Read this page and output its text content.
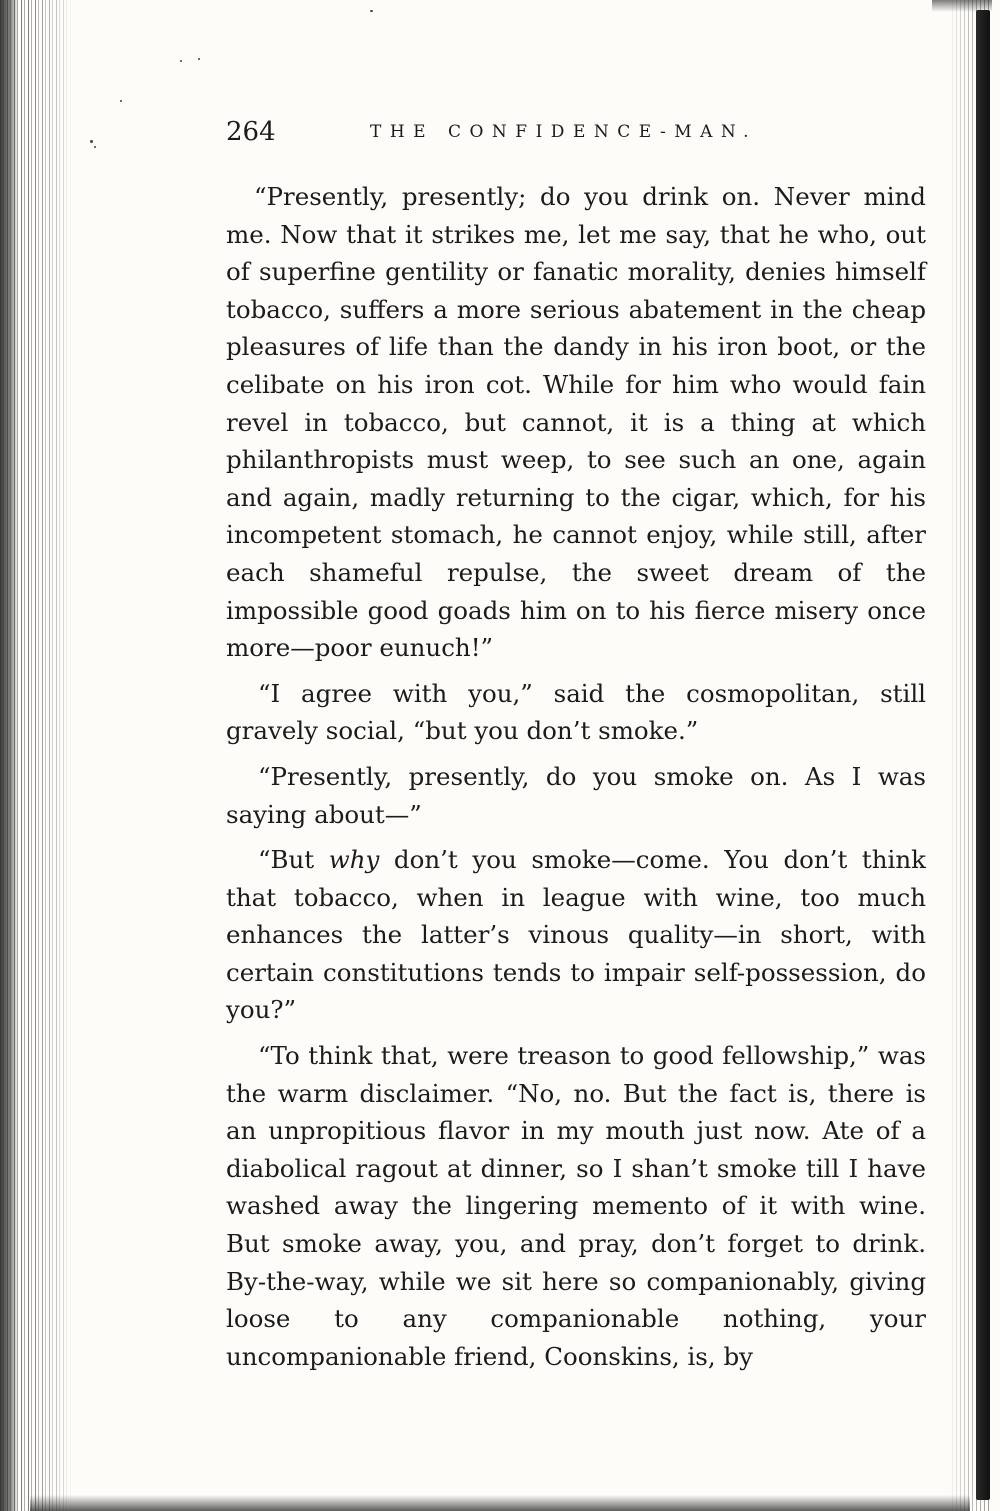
264	THE CONFIDENCE-MAN.

“Presently, presently; do you drink on. Never mind me. Now that it strikes me, let me say, that he who, out of superfine gentility or fanatic morality, denies himself tobacco, suffers a more serious abatement in the cheap pleasures of life than the dandy in his iron boot, or the celibate on his iron cot. While for him who would fain revel in tobacco, but cannot, it is a thing at which philanthropists must weep, to see such an one, again and again, madly returning to the cigar, which, for his incompetent stomach, he cannot enjoy, while still, after each shameful repulse, the sweet dream of the impossible good goads him on to his fierce misery once more—poor eunuch!”

“I agree with you,” said the cosmopolitan, still gravely social, “but you don’t smoke.”

“Presently, presently, do you smoke on. As I was saying about—”

“But why don’t you smoke—come. You don’t think that tobacco, when in league with wine, too much enhances the latter’s vinous quality—in short, with certain constitutions tends to impair self-possession, do you?”

“To think that, were treason to good fellowship,” was the warm disclaimer. “No, no. But the fact is, there is an unpropitious flavor in my mouth just now. Ate of a diabolical ragout at dinner, so I shan’t smoke till I have washed away the lingering memento of it with wine. But smoke away, you, and pray, don’t forget to drink. By-the-way, while we sit here so companionably, giving loose to any companionable nothing, your uncompanionable friend, Coonskins, is, by
